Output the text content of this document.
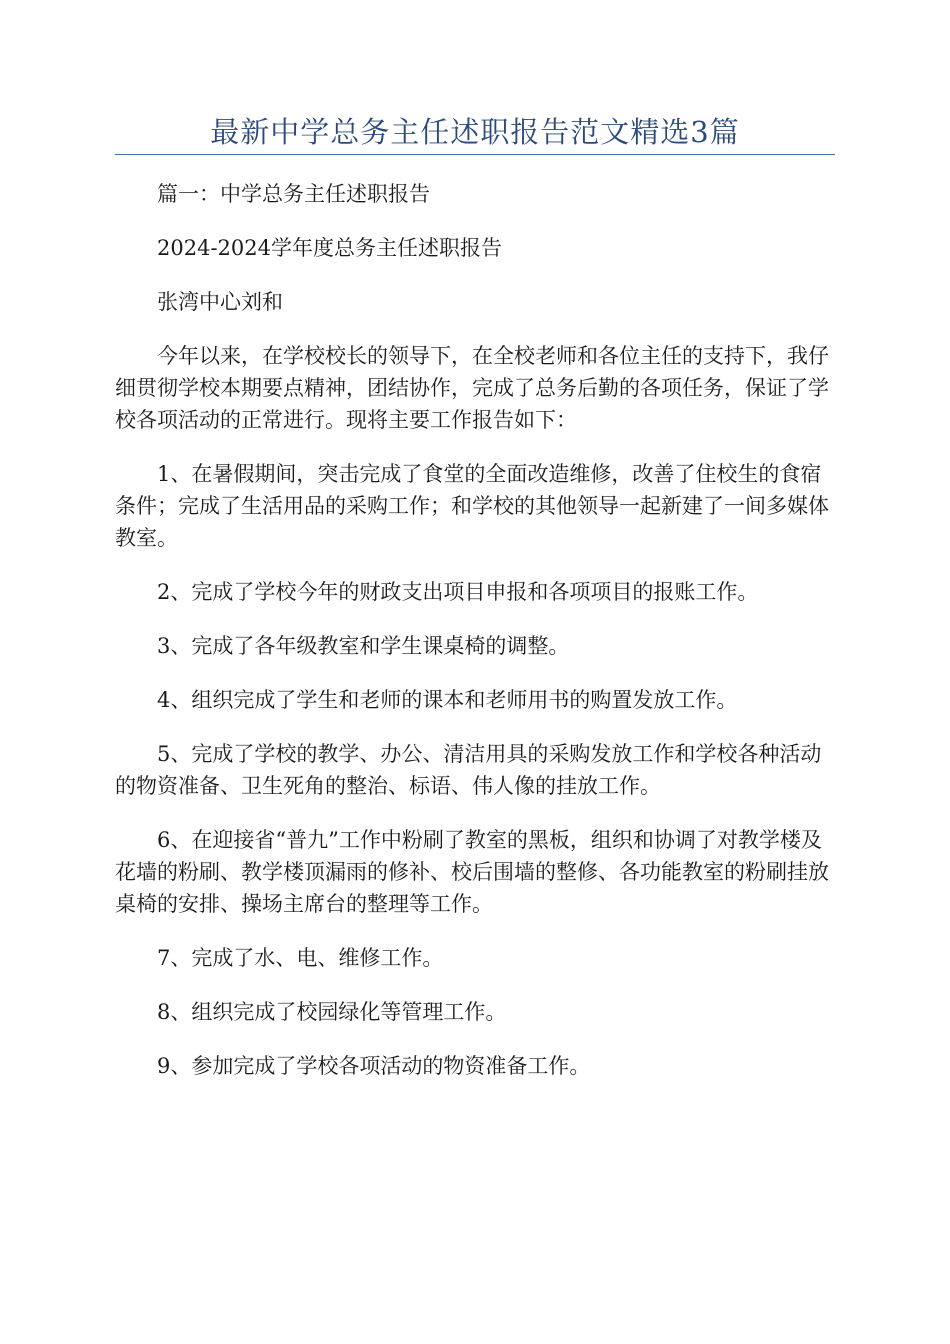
最新中学总务主任述职报告范文精选3篇

篇一：中学总务主任述职报告

2024-2024学年度总务主任述职报告

张湾中心刘和

今年以来，在学校校长的领导下，在全校老师和各位主任的支持下，我仔细贯彻学校本期要点精神，团结协作，完成了总务后勤的各项任务，保证了学校各项活动的正常进行。现将主要工作报告如下：

1、在暑假期间，突击完成了食堂的全面改造维修，改善了住校生的食宿条件；完成了生活用品的采购工作；和学校的其他领导一起新建了一间多媒体教室。

2、完成了学校今年的财政支出项目申报和各项项目的报账工作。

3、完成了各年级教室和学生课桌椅的调整。

4、组织完成了学生和老师的课本和老师用书的购置发放工作。

5、完成了学校的教学、办公、清洁用具的采购发放工作和学校各种活动的物资准备、卫生死角的整治、标语、伟人像的挂放工作。

6、在迎接省“普九”工作中粉刷了教室的黑板，组织和协调了对教学楼及花墙的粉刷、教学楼顶漏雨的修补、校后围墙的整修、各功能教室的粉刷挂放桌椅的安排、操场主席台的整理等工作。

7、完成了水、电、维修工作。

8、组织完成了校园绿化等管理工作。

9、参加完成了学校各项活动的物资准备工作。
